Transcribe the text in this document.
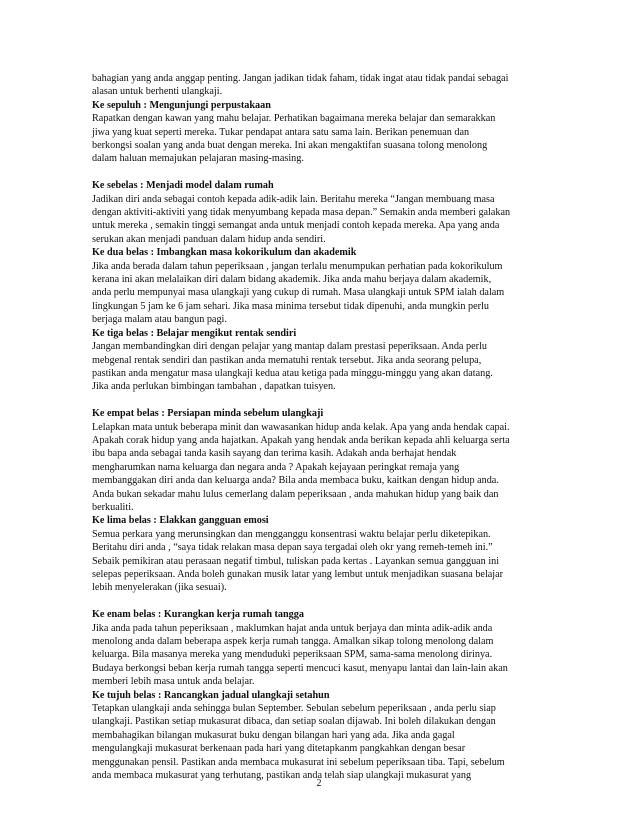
bahagian yang anda anggap penting. Jangan jadikan tidak faham, tidak ingat atau tidak pandai sebagai
alasan untuk berhenti ulangkaji.

Ke sepuluh : Mengunjungi perpustakaan

Rapatkan dengan kawan yang mahu belajar. Perhatikan bagaimana mereka belajar dan semarakkan
jiwa yang kuat seperti mereka. Tukar pendapat antara satu sama lain. Berikan penemuan dan
berkongsi soalan yang anda buat dengan mereka. Ini akan mengaktifan suasana tolong menolong
dalam haluan memajukan pelajaran masing-masing.

Ke sebelas : Menjadi model dalam rumah

Jadikan diri anda sebagai contoh kepada adik-adik lain. Beritahu mereka “Jangan membuang masa
dengan aktiviti-aktiviti yang tidak menyumbang kepada masa depan.” Semakin anda memberi galakan
untuk mereka , semakin tinggi semangat anda untuk menjadi contoh kepada mereka. Apa yang anda
serukan akan menjadi panduan dalam hidup anda sendiri.

Ke dua belas : Imbangkan masa kokorikulum dan akademik

Jika anda berada dalam tahun peperiksaan , jangan terlalu menumpukan perhatian pada kokorikulum
kerana ini akan melalaikan diri dalam bidang akademik. Jika anda mahu berjaya dalam akademik,
anda perlu mempunyai masa ulangkaji yang cukup di rumah. Masa ulangkaji untuk SPM ialah dalam
lingkungan 5 jam ke 6 jam sehari. Jika masa minima tersebut tidak dipenuhi, anda mungkin perlu
berjaga malam atau bangun pagi.

Ke tiga belas : Belajar mengikut rentak sendiri

Jangan membandingkan diri dengan pelajar yang mantap dalam prestasi peperiksaan. Anda perlu
mebgenal rentak sendiri dan pastikan anda mematuhi rentak tersebut. Jika anda seorang pelupa,
pastikan anda mengatur masa ulangkaji kedua atau ketiga pada minggu-minggu yang akan datang.
Jika anda perlukan bimbingan tambahan , dapatkan tuisyen.

Ke empat belas : Persiapan minda sebelum ulangkaji

Lelapkan mata untuk beberapa minit dan wawasankan hidup anda kelak. Apa yang anda hendak capai.
Apakah corak hidup yang anda hajatkan. Apakah yang hendak anda berikan kepada ahli keluarga serta
ibu bapa anda sebagai tanda kasih sayang dan terima kasih. Adakah anda berhajat hendak
mengharumkan nama keluarga dan negara anda ? Apakah kejayaan peringkat remaja yang
membanggakan diri anda dan keluarga anda? Bila anda membaca buku, kaitkan dengan hidup anda.
Anda bukan sekadar mahu lulus cemerlang dalam peperiksaan , anda mahukan hidup yang baik dan
berkualiti.

Ke lima belas : Elakkan gangguan emosi

Semua perkara yang merunsingkan dan mengganggu konsentrasi waktu belajar perlu diketepikan.
Beritahu diri anda , “saya tidak relakan masa depan saya tergadai oleh okr yang remeh-temeh ini.”
Sebaik pemikiran atau perasaan negatif timbul, tuliskan pada kertas . Layankan semua gangguan ini
selepas peperiksaan. Anda boleh gunakan musik latar yang lembut untuk menjadikan suasana belajar
lebih menyelerakan (jika sesuai).

Ke enam belas : Kurangkan kerja rumah tangga

Jika anda pada tahun peperiksaan , maklumkan hajat anda untuk berjaya dan minta adik-adik anda
menolong anda dalam beberapa aspek kerja rumah tangga. Amalkan sikap tolong menolong dalam
keluarga. Bila masanya mereka yang menduduki peperiksaan SPM, sama-sama menolong dirinya.
Budaya berkongsi beban kerja rumah tangga seperti mencuci kasut, menyapu lantai dan lain-lain akan
memberi lebih masa untuk anda belajar.

Ke tujuh belas : Rancangkan jadual ulangkaji setahun

Tetapkan ulangkaji anda sehingga bulan September. Sebulan sebelum peperiksaan , anda perlu siap
ulangkaji. Pastikan setiap mukasurat dibaca, dan setiap soalan dijawab. Ini boleh dilakukan dengan
membahagikan bilangan mukasurat buku dengan bilangan hari yang ada. Jika anda gagal
mengulangkaji mukasurat berkenaan pada hari yang ditetapkanm pangkahkan dengan besar
menggunakan pensil. Pastikan anda membaca mukasurat ini sebelum peperiksaan tiba. Tapi, sebelum
anda membaca mukasurat yang terhutang, pastikan anda telah siap ulangkaji mukasurat yang

2
